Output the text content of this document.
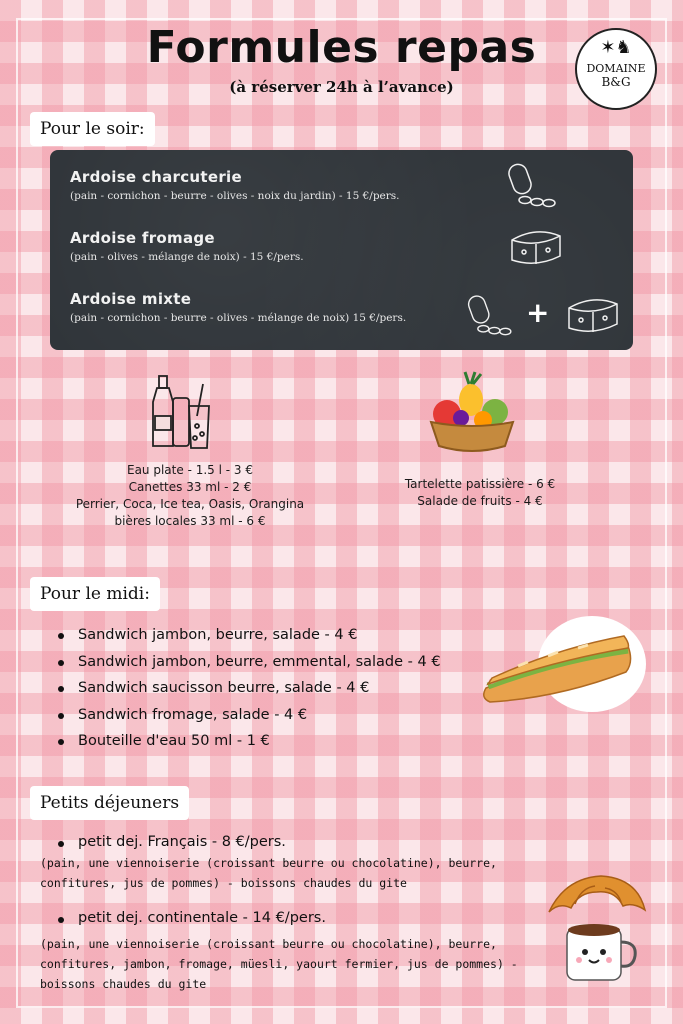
Formules repas
(à réserver 24h à l’avance)
✶♞
DOMAINE
B&G
Pour le soir:
Ardoise charcuterie
(pain - cornichon - beurre - olives - noix du jardin) - 15 €/pers.
Ardoise fromage
(pain - olives - mélange de noix) - 15 €/pers.
Ardoise mixte
(pain - cornichon - beurre - olives - mélange de noix) 15 €/pers.	+
Eau plate - 1.5 l - 3 €
Canettes 33 ml - 2 €
Perrier, Coca, Ice tea, Oasis, Orangina
bières locales 33 ml - 6 €
Tartelette patissière - 6 €
Salade de fruits - 4 €
Pour le midi:
Sandwich jambon, beurre, salade - 4 €
Sandwich jambon, beurre, emmental, salade - 4 €
Sandwich saucisson beurre, salade - 4 €
Sandwich fromage, salade - 4 €
Bouteille d'eau 50 ml - 1 €
Petits déjeuners
petit dej. Français - 8 €/pers.
(pain, une viennoiserie (croissant beurre ou chocolatine), beurre, confitures, jus de pommes) - boissons chaudes du gite
petit dej. continentale - 14 €/pers.
(pain, une viennoiserie (croissant beurre ou chocolatine), beurre, confitures, jambon, fromage, müesli, yaourt fermier, jus de pommes) - boissons chaudes du gite
